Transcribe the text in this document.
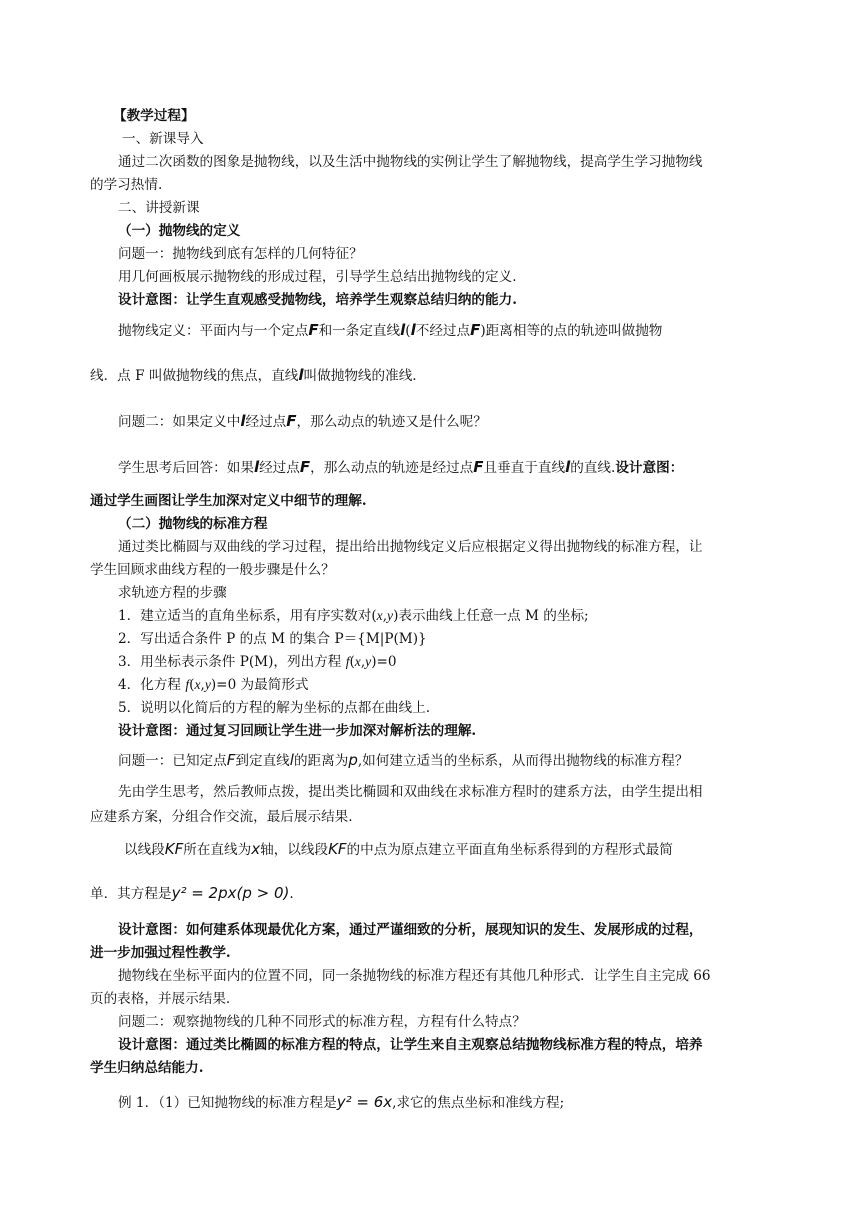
【教学过程】
一、新课导入
通过二次函数的图象是抛物线，以及生活中抛物线的实例让学生了解抛物线，提高学生学习抛物线
的学习热情.
二、讲授新课
（一）抛物线的定义
问题一：抛物线到底有怎样的几何特征？
用几何画板展示抛物线的形成过程，引导学生总结出抛物线的定义.
设计意图：让学生直观感受抛物线，培养学生观察总结归纳的能力.
抛物线定义：平面内与一个定点F和一条定直线l(l不经过点F)距离相等的点的轨迹叫做抛物
线．点 F 叫做抛物线的焦点，直线l叫做抛物线的准线.
问题二：如果定义中l经过点F，那么动点的轨迹又是什么呢？
学生思考后回答：如果l经过点F，那么动点的轨迹是经过点F且垂直于直线l的直线.设计意图：
通过学生画图让学生加深对定义中细节的理解.
（二）抛物线的标准方程
通过类比椭圆与双曲线的学习过程，提出给出抛物线定义后应根据定义得出抛物线的标准方程，让
学生回顾求曲线方程的一般步骤是什么？
求轨迹方程的步骤
1．建立适当的直角坐标系，用有序实数对(x,y)表示曲线上任意一点 M 的坐标;
2．写出适合条件 P 的点 M 的集合 P＝{M|P(M)}
3．用坐标表示条件 P(M)，列出方程 f(x,y)=0
4．化方程 f(x,y)=0 为最简形式
5．说明以化简后的方程的解为坐标的点都在曲线上.
设计意图：通过复习回顾让学生进一步加深对解析法的理解.
问题一：已知定点F到定直线l的距离为p,如何建立适当的坐标系，从而得出抛物线的标准方程？
先由学生思考，然后教师点拨，提出类比椭圆和双曲线在求标准方程时的建系方法，由学生提出相
应建系方案，分组合作交流，最后展示结果.
以线段KF所在直线为x轴，以线段KF的中点为原点建立平面直角坐标系得到的方程形式最简
单．其方程是y² = 2px(p > 0).
设计意图：如何建系体现最优化方案，通过严谨细致的分析，展现知识的发生、发展形成的过程，
进一步加强过程性教学.
抛物线在坐标平面内的位置不同，同一条抛物线的标准方程还有其他几种形式．让学生自主完成 66
页的表格，并展示结果.
问题二：观察抛物线的几种不同形式的标准方程，方程有什么特点？
设计意图：通过类比椭圆的标准方程的特点，让学生来自主观察总结抛物线标准方程的特点，培养
学生归纳总结能力.
例 1．（1）已知抛物线的标准方程是y² = 6x,求它的焦点坐标和准线方程;
